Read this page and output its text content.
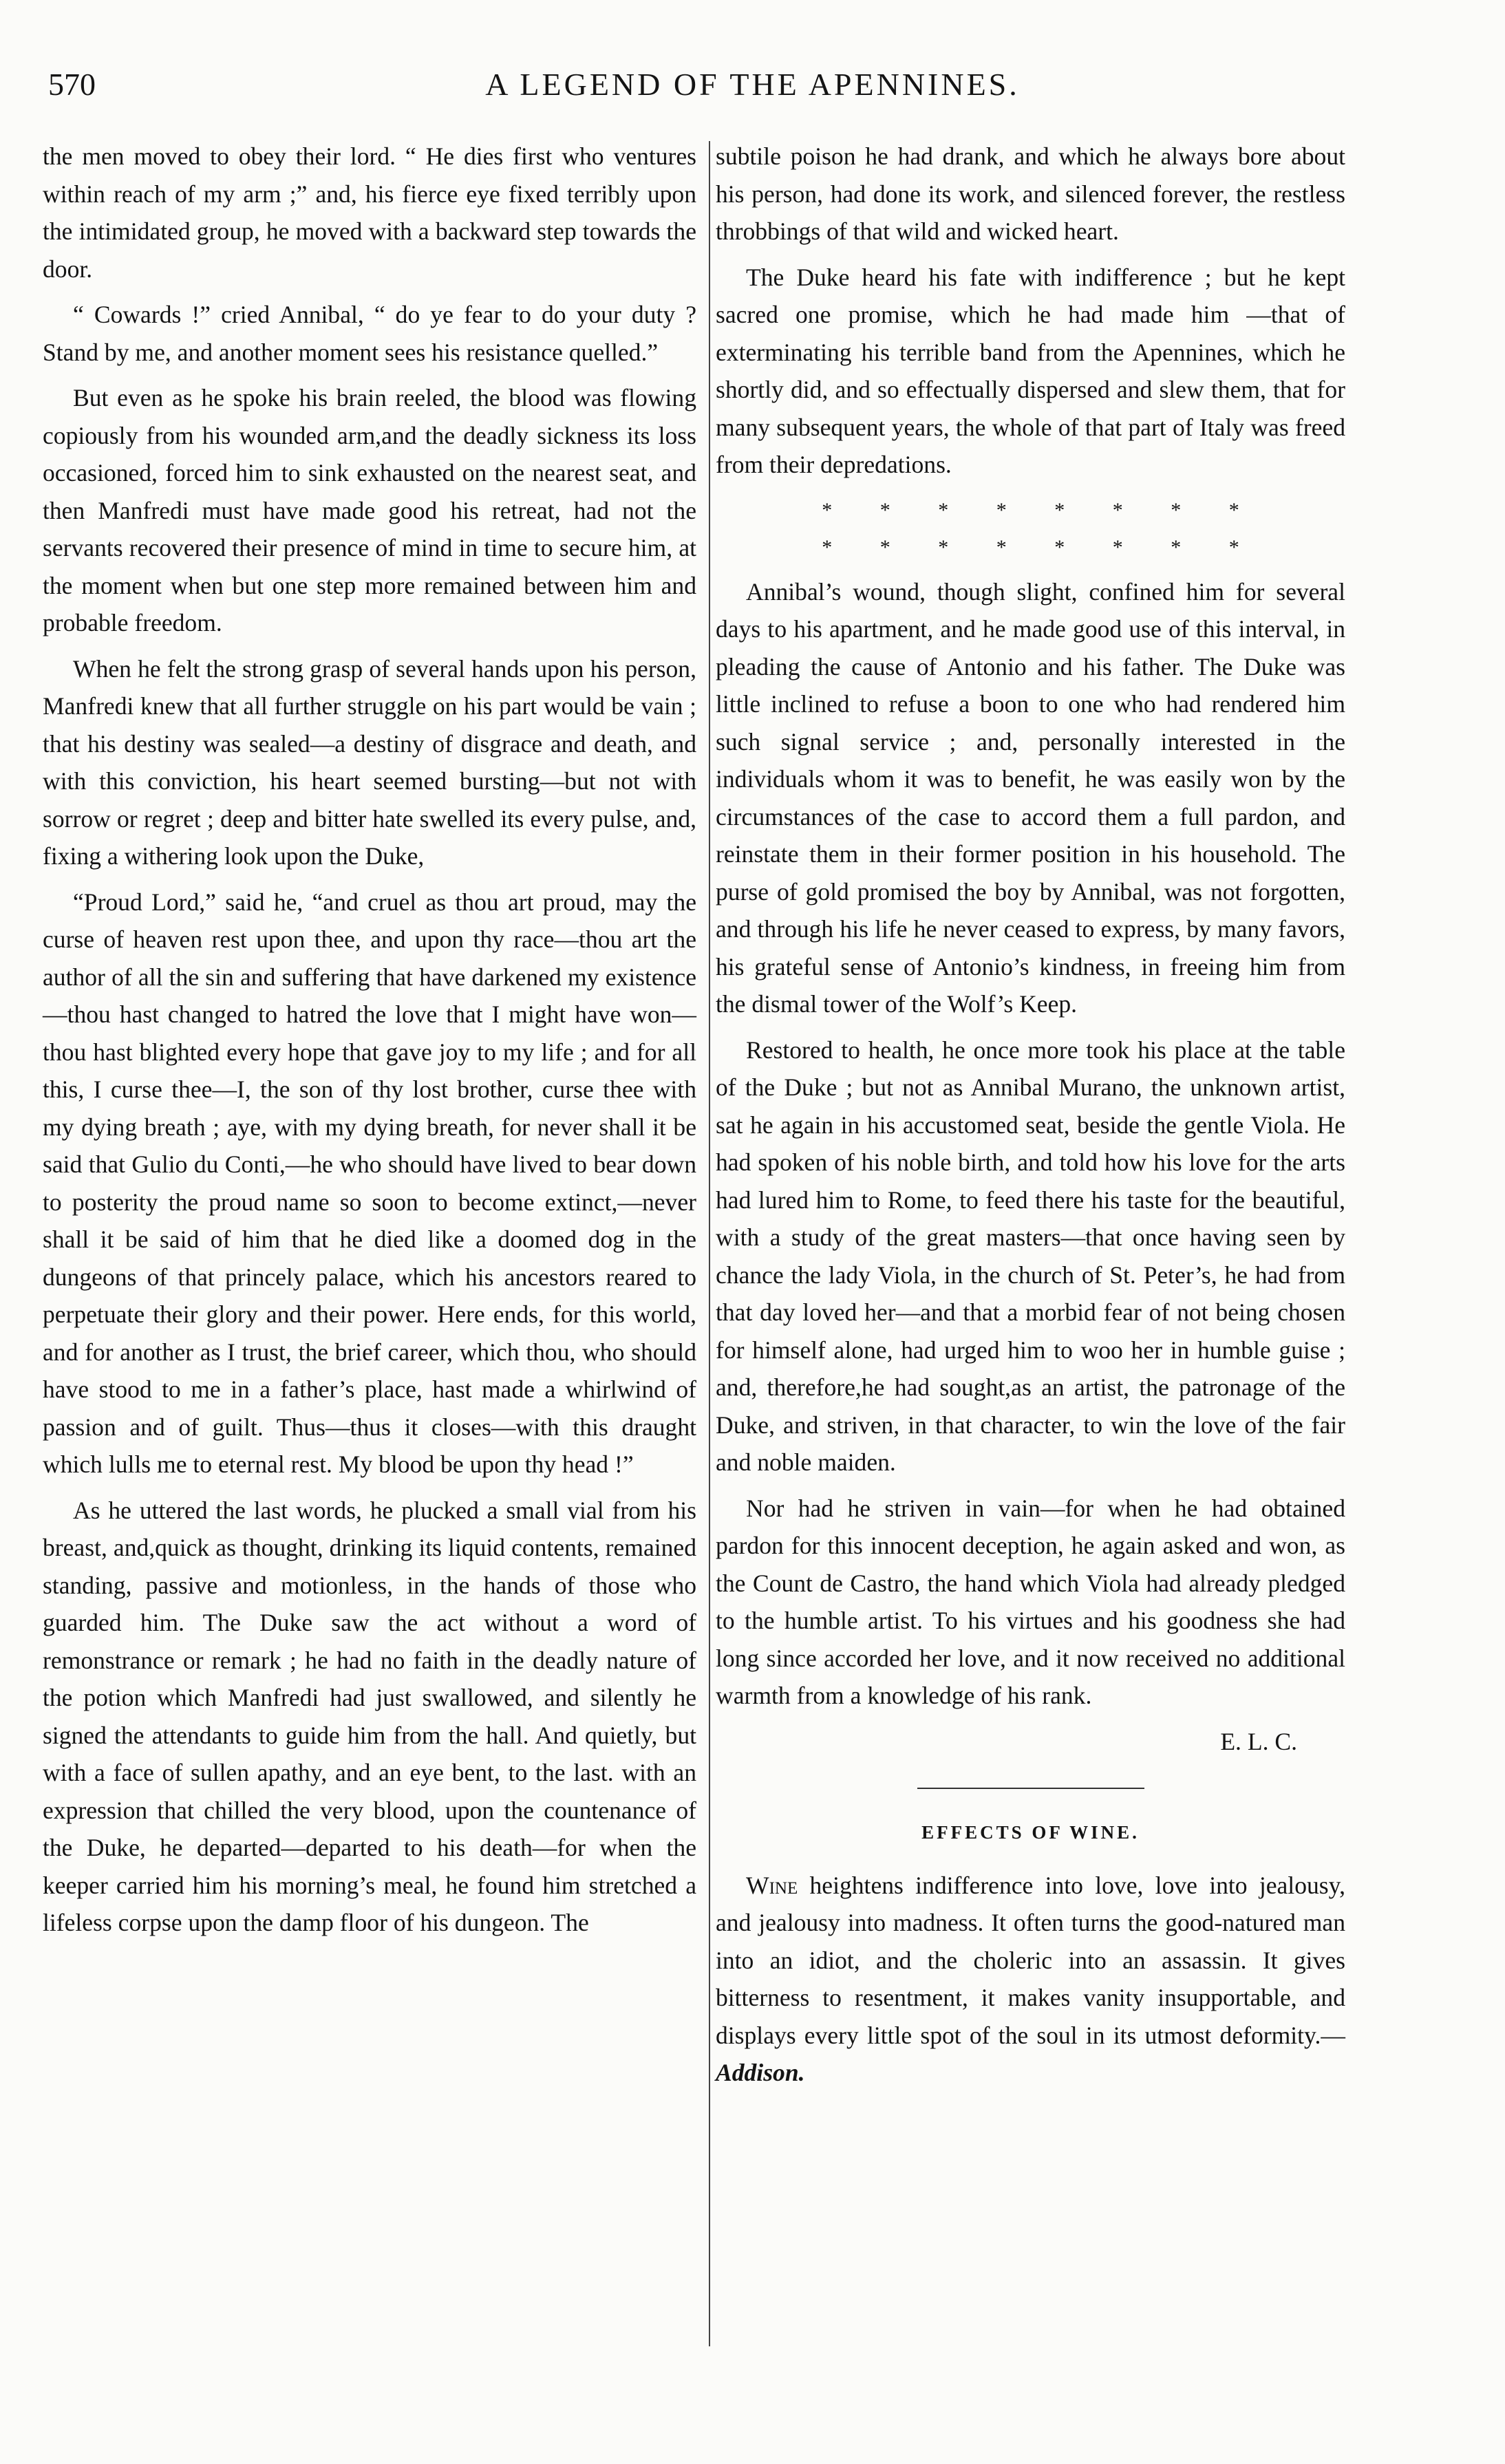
570	A LEGEND OF THE APENNINES.

the men moved to obey their lord. “ He dies first who ventures within reach of my arm ;” and, his fierce eye fixed terribly upon the intimidated group, he moved with a backward step towards the door.

“ Cowards !” cried Annibal, “ do ye fear to do your duty ? Stand by me, and another moment sees his resistance quelled.”

But even as he spoke his brain reeled, the blood was flowing copiously from his wounded arm,and the deadly sickness its loss occasioned, forced him to sink exhausted on the nearest seat, and then Manfredi must have made good his retreat, had not the servants recovered their presence of mind in time to secure him, at the moment when but one step more remained between him and probable freedom.

When he felt the strong grasp of several hands upon his person, Manfredi knew that all further struggle on his part would be vain ; that his destiny was sealed—a destiny of disgrace and death, and with this conviction, his heart seemed bursting—but not with sorrow or regret ; deep and bitter hate swelled its every pulse, and, fixing a withering look upon the Duke,

“Proud Lord,” said he, “and cruel as thou art proud, may the curse of heaven rest upon thee, and upon thy race—thou art the author of all the sin and suffering that have darkened my existence—thou hast changed to hatred the love that I might have won—thou hast blighted every hope that gave joy to my life ; and for all this, I curse thee—I, the son of thy lost brother, curse thee with my dying breath ; aye, with my dying breath, for never shall it be said that Gulio du Conti,—he who should have lived to bear down to posterity the proud name so soon to become extinct,—never shall it be said of him that he died like a doomed dog in the dungeons of that princely palace, which his ancestors reared to perpetuate their glory and their power. Here ends, for this world, and for another as I trust, the brief career, which thou, who should have stood to me in a father’s place, hast made a whirlwind of passion and of guilt. Thus—thus it closes—with this draught which lulls me to eternal rest. My blood be upon thy head !”

As he uttered the last words, he plucked a small vial from his breast, and,quick as thought, drinking its liquid contents, remained standing, passive and motionless, in the hands of those who guarded him. The Duke saw the act without a word of remonstrance or remark ; he had no faith in the deadly nature of the potion which Manfredi had just swallowed, and silently he signed the attendants to guide him from the hall. And quietly, but with a face of sullen apathy, and an eye bent, to the last. with an expression that chilled the very blood, upon the countenance of the Duke, he departed—departed to his death—for when the keeper carried him his morning’s meal, he found him stretched a lifeless corpse upon the damp floor of his dungeon. The

subtile poison he had drank, and which he always bore about his person, had done its work, and silenced forever, the restless throbbings of that wild and wicked heart.

The Duke heard his fate with indifference ; but he kept sacred one promise, which he had made him —that of exterminating his terrible band from the Apennines, which he shortly did, and so effectually dispersed and slew them, that for many subsequent years, the whole of that part of Italy was freed from their depredations.

* * * * * * * *
* * * * * * * *

Annibal’s wound, though slight, confined him for several days to his apartment, and he made good use of this interval, in pleading the cause of Antonio and his father. The Duke was little inclined to refuse a boon to one who had rendered him such signal service ; and, personally interested in the individuals whom it was to benefit, he was easily won by the circumstances of the case to accord them a full pardon, and reinstate them in their former position in his household. The purse of gold promised the boy by Annibal, was not forgotten, and through his life he never ceased to express, by many favors, his grateful sense of Antonio’s kindness, in freeing him from the dismal tower of the Wolf’s Keep.

Restored to health, he once more took his place at the table of the Duke ; but not as Annibal Murano, the unknown artist, sat he again in his accustomed seat, beside the gentle Viola. He had spoken of his noble birth, and told how his love for the arts had lured him to Rome, to feed there his taste for the beautiful, with a study of the great masters—that once having seen by chance the lady Viola, in the church of St. Peter’s, he had from that day loved her—and that a morbid fear of not being chosen for himself alone, had urged him to woo her in humble guise ; and, therefore,he had sought,as an artist, the patronage of the Duke, and striven, in that character, to win the love of the fair and noble maiden.

Nor had he striven in vain—for when he had obtained pardon for this innocent deception, he again asked and won, as the Count de Castro, the hand which Viola had already pledged to the humble artist. To his virtues and his goodness she had long since accorded her love, and it now received no additional warmth from a knowledge of his rank.

E. L. C.
EFFECTS OF WINE.

Wine heightens indifference into love, love into jealousy, and jealousy into madness. It often turns the good-natured man into an idiot, and the choleric into an assassin. It gives bitterness to resentment, it makes vanity insupportable, and displays every little spot of the soul in its utmost deformity.—Addison.
